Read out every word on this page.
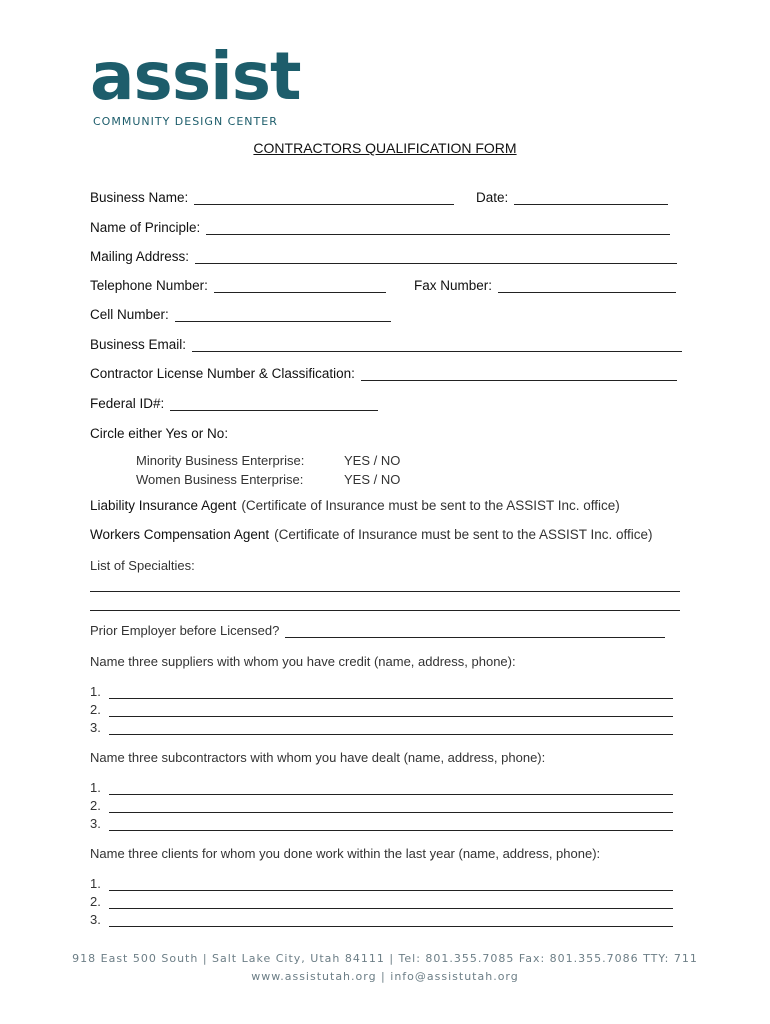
assist
COMMUNITY DESIGN CENTER
CONTRACTORS QUALIFICATION FORM
Business Name:	Date:
Name of Principle:
Mailing Address:
Telephone Number:	Fax Number:
Cell Number:
Business Email:
Contractor License Number & Classification:
Federal ID#:
Circle either Yes or No:
Minority Business Enterprise:	YES / NO
Women Business Enterprise:	YES / NO
Liability Insurance Agent (Certificate of Insurance must be sent to the ASSIST Inc. office)
Workers Compensation Agent (Certificate of Insurance must be sent to the ASSIST Inc. office)
List of Specialties:
Prior Employer before Licensed?
Name three suppliers with whom you have credit (name, address, phone):
1.
2.
3.
Name three subcontractors with whom you have dealt (name, address, phone):
1.
2.
3.
Name three clients for whom you done work within the last year (name, address, phone):
1.
2.
3.
918 East 500 South | Salt Lake City, Utah 84111 | Tel: 801.355.7085 Fax: 801.355.7086 TTY: 711
www.assistutah.org | info@assistutah.org
